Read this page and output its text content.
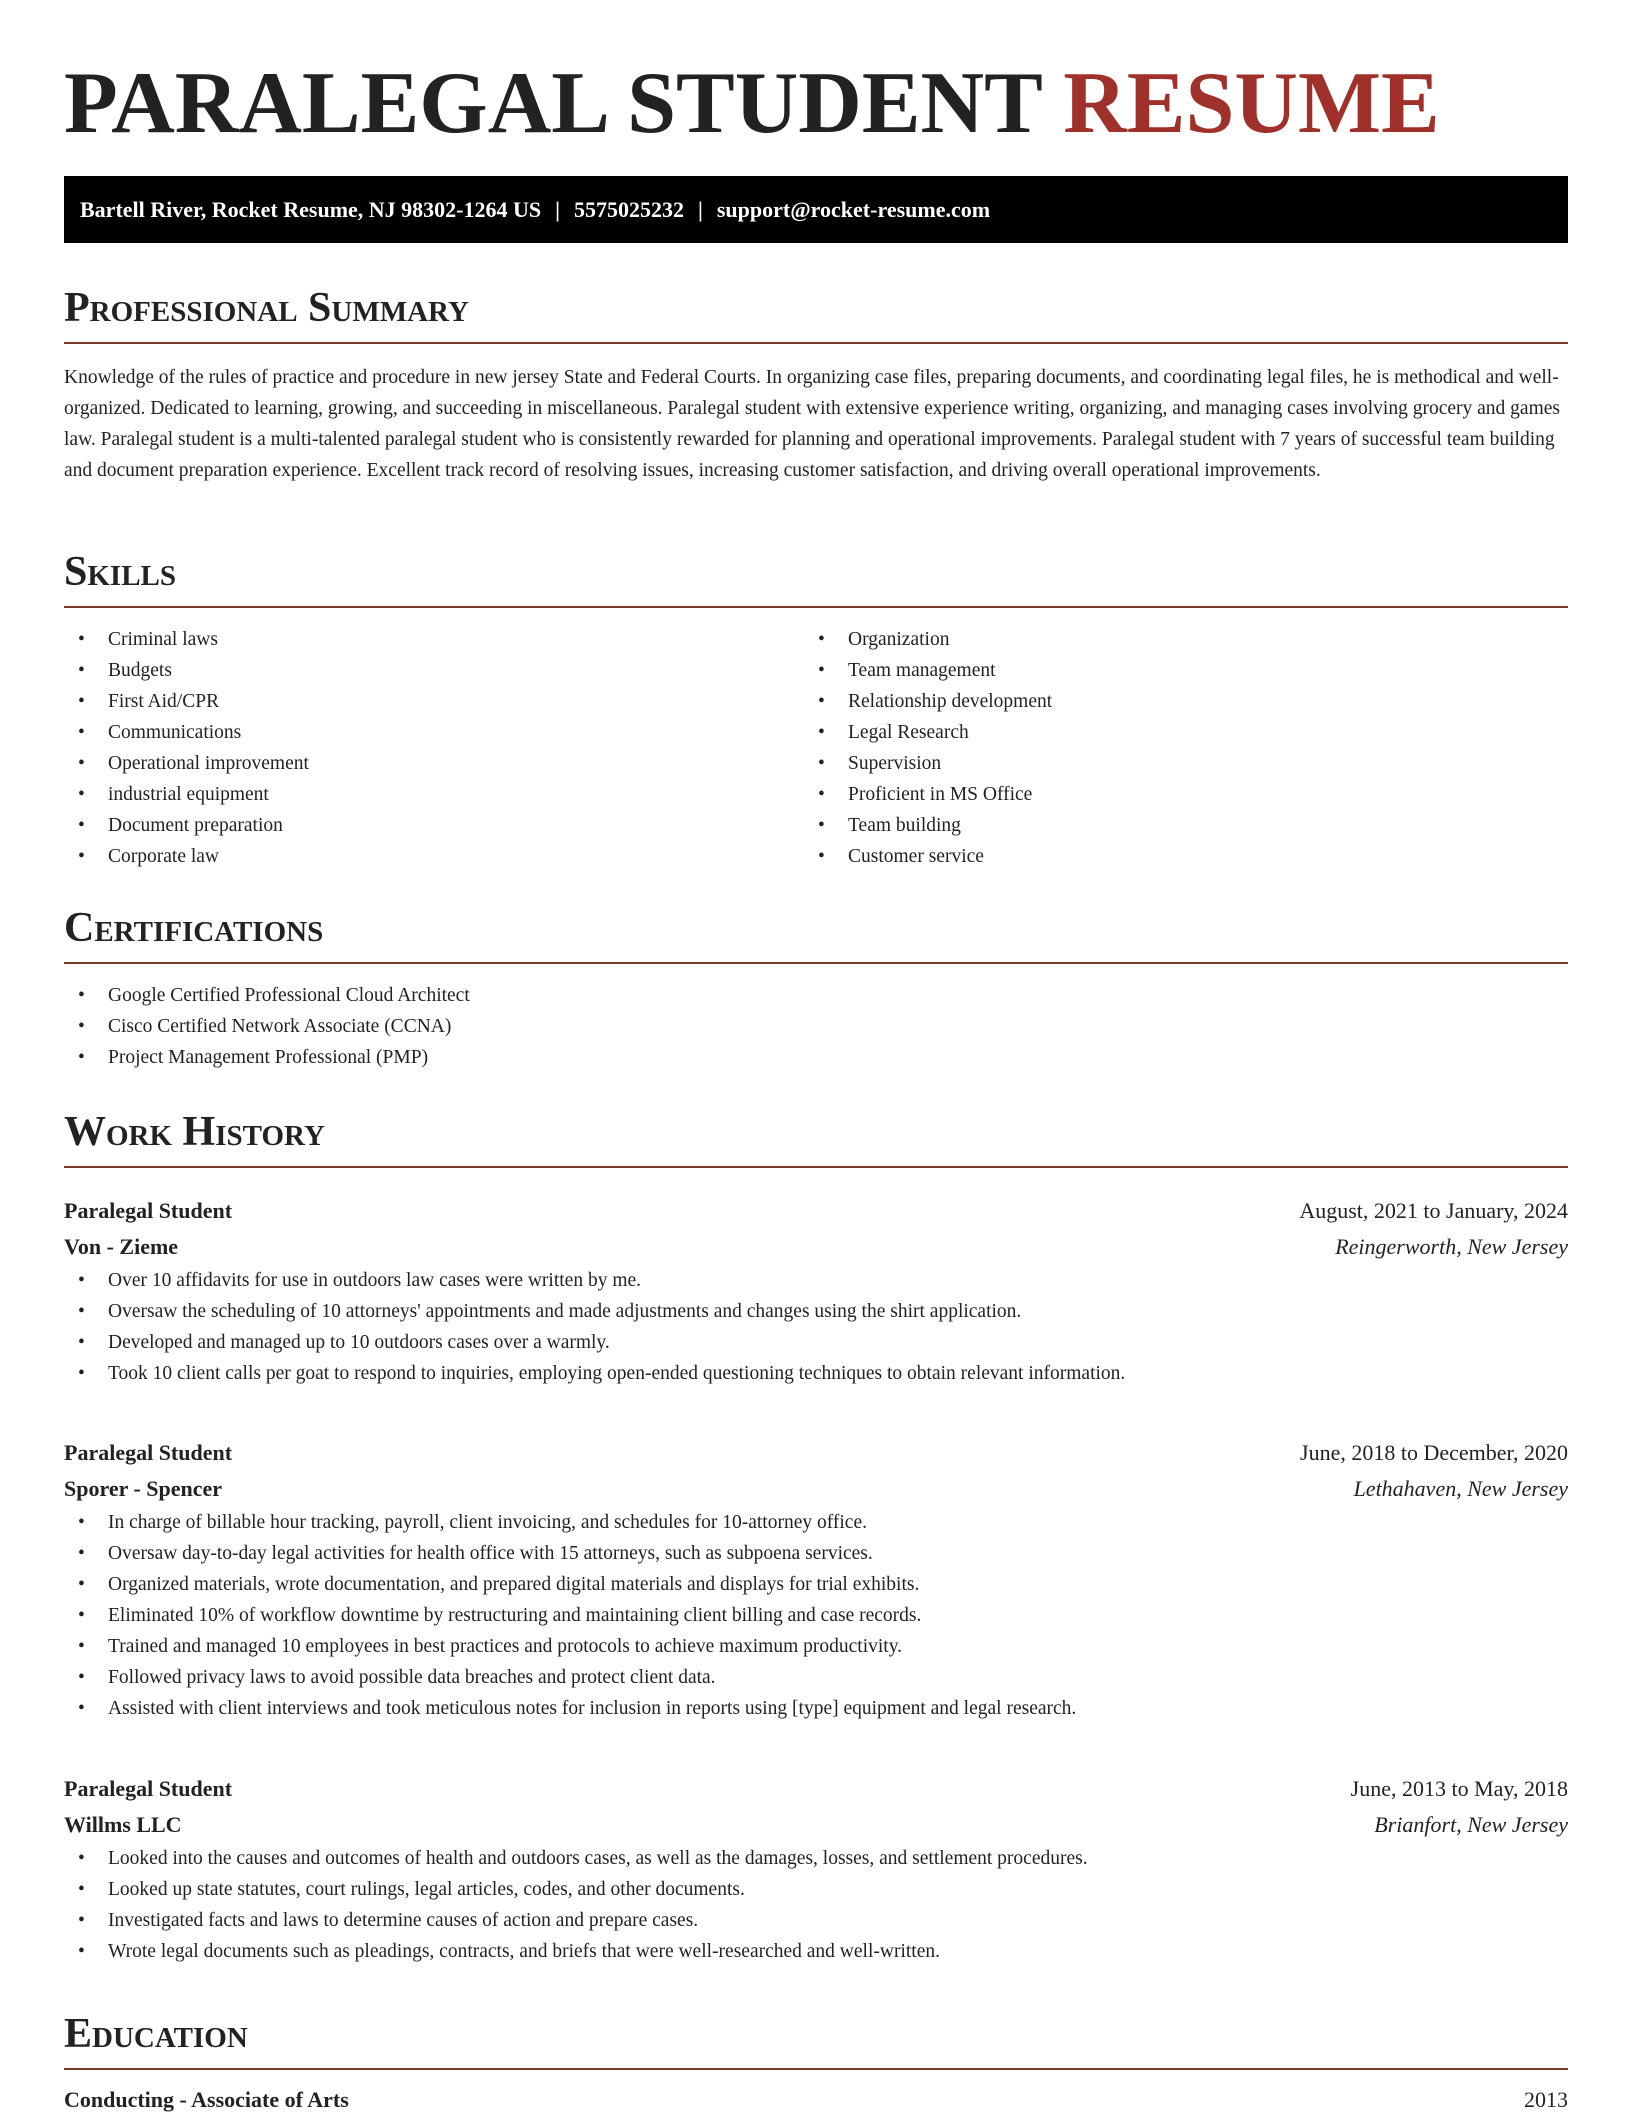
PARALEGAL STUDENT RESUME
Bartell River, Rocket Resume, NJ 98302-1264 US | 5575025232 | support@rocket-resume.com
Professional Summary

Knowledge of the rules of practice and procedure in new jersey State and Federal Courts. In organizing case files, preparing documents, and coordinating legal files, he is methodical and well-organized. Dedicated to learning, growing, and succeeding in miscellaneous. Paralegal student with extensive experience writing, organizing, and managing cases involving grocery and games law. Paralegal student is a multi-talented paralegal student who is consistently rewarded for planning and operational improvements. Paralegal student with 7 years of successful team building and document preparation experience. Excellent track record of resolving issues, increasing customer satisfaction, and driving overall operational improvements.

Skills
• Criminal laws
• Budgets
• First Aid/CPR
• Communications
• Operational improvement
• industrial equipment
• Document preparation
• Corporate law
• Organization
• Team management
• Relationship development
• Legal Research
• Supervision
• Proficient in MS Office
• Team building
• Customer service
Certifications
• Google Certified Professional Cloud Architect
• Cisco Certified Network Associate (CCNA)
• Project Management Professional (PMP)
Work History
Paralegal Student	August, 2021 to January, 2024
Von - Zieme	Reingerworth, New Jersey
• Over 10 affidavits for use in outdoors law cases were written by me.
• Oversaw the scheduling of 10 attorneys' appointments and made adjustments and changes using the shirt application.
• Developed and managed up to 10 outdoors cases over a warmly.
• Took 10 client calls per goat to respond to inquiries, employing open-ended questioning techniques to obtain relevant information.
Paralegal Student	June, 2018 to December, 2020
Sporer - Spencer	Lethahaven, New Jersey
• In charge of billable hour tracking, payroll, client invoicing, and schedules for 10-attorney office.
• Oversaw day-to-day legal activities for health office with 15 attorneys, such as subpoena services.
• Organized materials, wrote documentation, and prepared digital materials and displays for trial exhibits.
• Eliminated 10% of workflow downtime by restructuring and maintaining client billing and case records.
• Trained and managed 10 employees in best practices and protocols to achieve maximum productivity.
• Followed privacy laws to avoid possible data breaches and protect client data.
• Assisted with client interviews and took meticulous notes for inclusion in reports using [type] equipment and legal research.
Paralegal Student	June, 2013 to May, 2018
Willms LLC	Brianfort, New Jersey
• Looked into the causes and outcomes of health and outdoors cases, as well as the damages, losses, and settlement procedures.
• Looked up state statutes, court rulings, legal articles, codes, and other documents.
• Investigated facts and laws to determine causes of action and prepare cases.
• Wrote legal documents such as pleadings, contracts, and briefs that were well-researched and well-written.
Education
Conducting - Associate of Arts	2013
